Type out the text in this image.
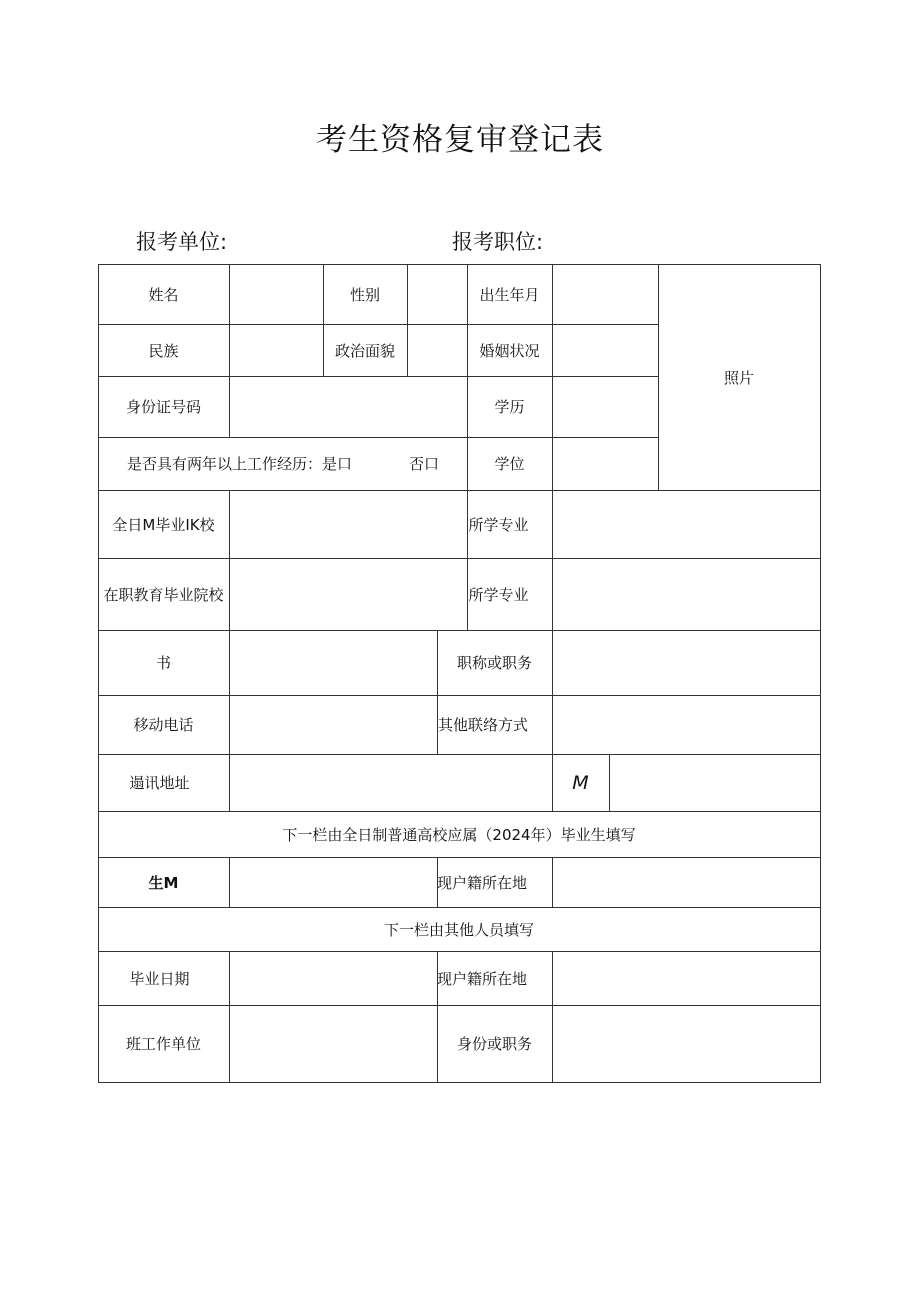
考生资格复审登记表
报考单位:	报考职位:
姓名	性别	出生年月
照片
民族	政治面貌	婚姻状况
身份证号码	学历
是否具有两年以上工作经历：是口	否口	学位
全日M毕业IK校	所学专业
在职教育毕业院校	所学专业
书	职称或职务
移动电话	其他联络方式
遢讯地址	M
下一栏由全日制普通高校应属（2024年）毕业生填写
生M	现户籍所在地
下一栏由其他人员填写
毕业日期	现户籍所在地
班工作单位	身份或职务
